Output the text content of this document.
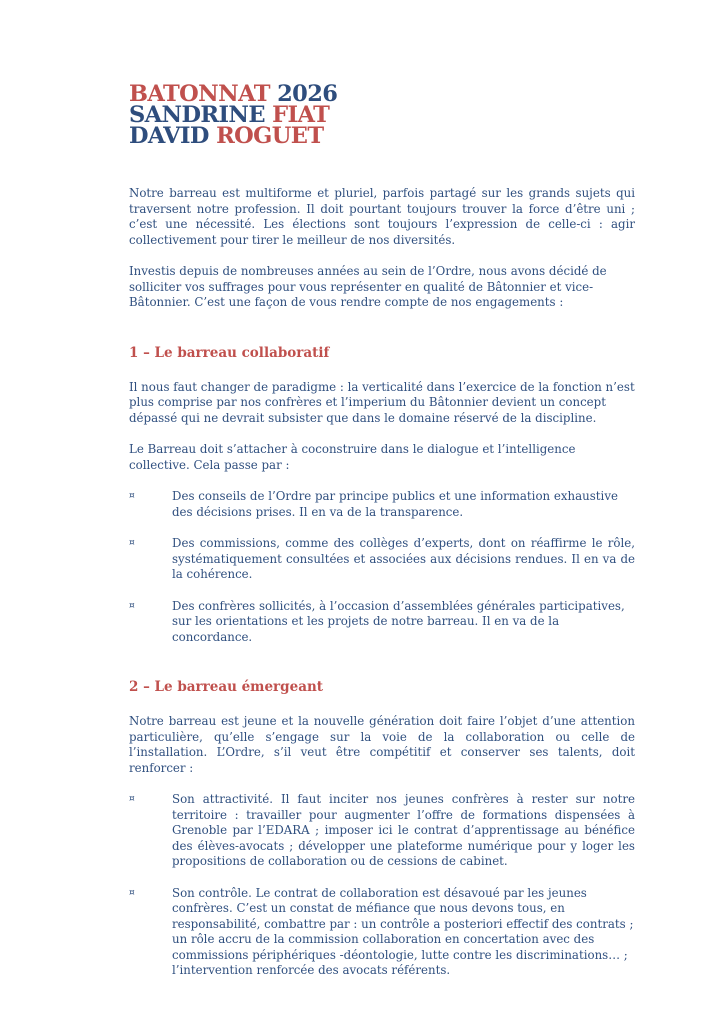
BATONNAT 2026
SANDRINE FIAT
DAVID ROGUET

Notre barreau est multiforme et pluriel, parfois partagé sur les grands sujets qui traversent notre profession. Il doit pourtant toujours trouver la force d’être uni ; c’est une nécessité. Les élections sont toujours l’expression de celle-ci : agir collectivement pour tirer le meilleur de nos diversités.

Investis depuis de nombreuses années au sein de l’Ordre, nous avons décidé de solliciter vos suffrages pour vous représenter en qualité de Bâtonnier et vice-Bâtonnier. C’est une façon de vous rendre compte de nos engagements :

1 – Le barreau collaboratif

Il nous faut changer de paradigme : la verticalité dans l’exercice de la fonction n’est plus comprise par nos confrères et l’imperium du Bâtonnier devient un concept dépassé qui ne devrait subsister que dans le domaine réservé de la discipline.

Le Barreau doit s’attacher à coconstruire dans le dialogue et l’intelligence collective. Cela passe par :

¤	Des conseils de l’Ordre par principe publics et une information exhaustive des décisions prises. Il en va de la transparence.
¤	Des commissions, comme des collèges d’experts, dont on réaffirme le rôle, systématiquement consultées et associées aux décisions rendues. Il en va de la cohérence.
¤	Des confrères sollicités, à l’occasion d’assemblées générales participatives, sur les orientations et les projets de notre barreau. Il en va de la concordance.
2 – Le barreau émergeant

Notre barreau est jeune et la nouvelle génération doit faire l’objet d’une attention particulière, qu’elle s’engage sur la voie de la collaboration ou celle de l’installation. L’Ordre, s’il veut être compétitif et conserver ses talents, doit renforcer :

¤	Son attractivité. Il faut inciter nos jeunes confrères à rester sur notre territoire : travailler pour augmenter l’offre de formations dispensées à Grenoble par l’EDARA ; imposer ici le contrat d’apprentissage au bénéfice des élèves-avocats ; développer une plateforme numérique pour y loger les propositions de collaboration ou de cessions de cabinet.
¤	Son contrôle. Le contrat de collaboration est désavoué par les jeunes confrères. C’est un constat de méfiance que nous devons tous, en responsabilité, combattre par : un contrôle a posteriori effectif des contrats ; un rôle accru de la commission collaboration en concertation avec des commissions périphériques -déontologie, lutte contre les discriminations… ; l’intervention renforcée des avocats référents.
